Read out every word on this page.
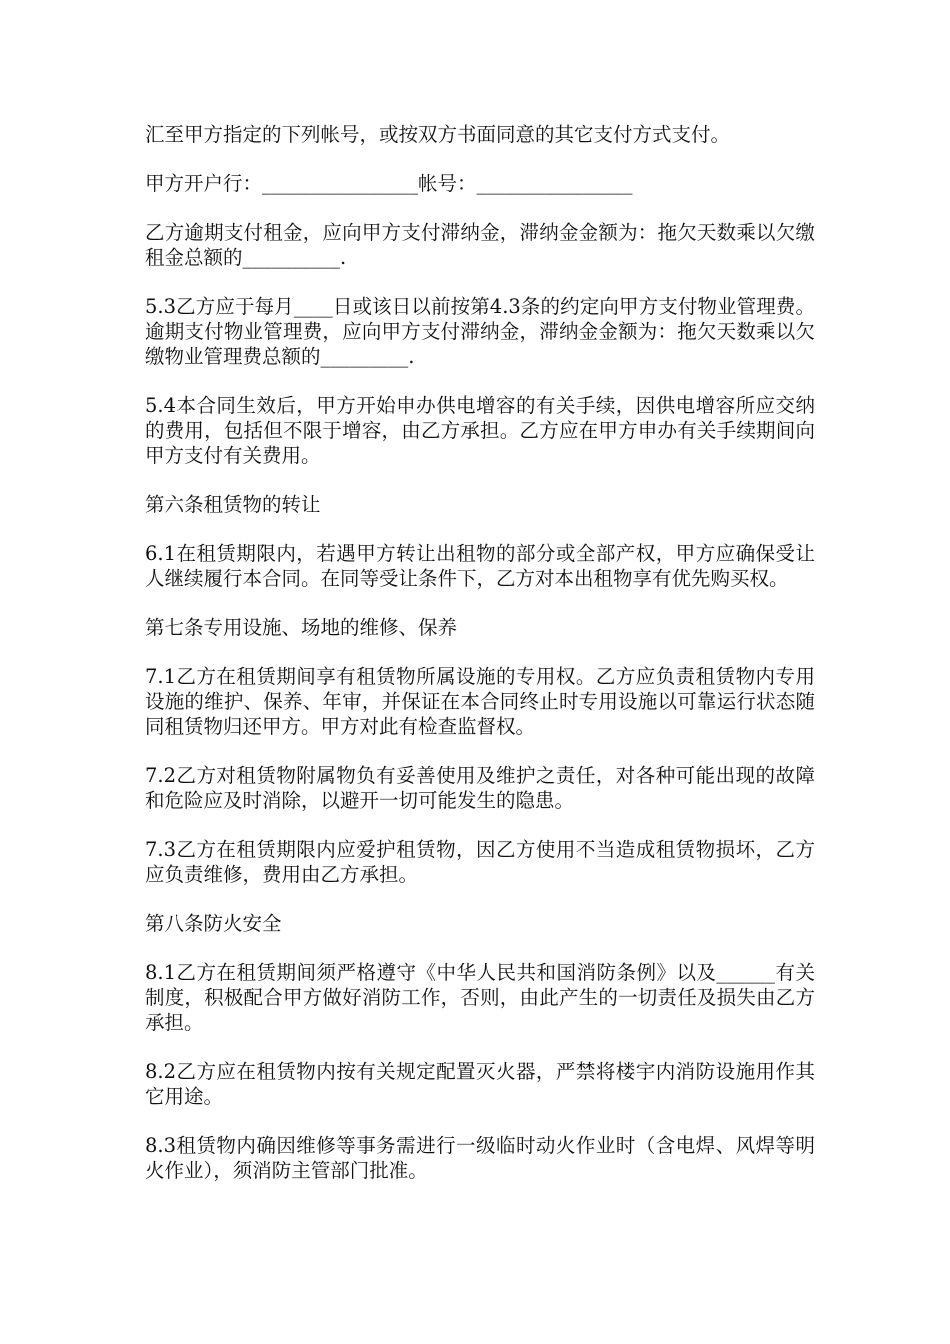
汇至甲方指定的下列帐号，或按双方书面同意的其它支付方式支付。

甲方开户行：________________帐号：________________

乙方逾期支付租金，应向甲方支付滞纳金，滞纳金金额为：拖欠天数乘以欠缴租金总额的__________.

5.3乙方应于每月____日或该日以前按第4.3条的约定向甲方支付物业管理费。逾期支付物业管理费，应向甲方支付滞纳金，滞纳金金额为：拖欠天数乘以欠缴物业管理费总额的_________.

5.4本合同生效后，甲方开始申办供电增容的有关手续，因供电增容所应交纳的费用，包括但不限于增容，由乙方承担。乙方应在甲方申办有关手续期间向甲方支付有关费用。

第六条租赁物的转让

6.1在租赁期限内，若遇甲方转让出租物的部分或全部产权，甲方应确保受让人继续履行本合同。在同等受让条件下，乙方对本出租物享有优先购买权。

第七条专用设施、场地的维修、保养

7.1乙方在租赁期间享有租赁物所属设施的专用权。乙方应负责租赁物内专用设施的维护、保养、年审，并保证在本合同终止时专用设施以可靠运行状态随同租赁物归还甲方。甲方对此有检查监督权。

7.2乙方对租赁物附属物负有妥善使用及维护之责任，对各种可能出现的故障和危险应及时消除，以避开一切可能发生的隐患。

7.3乙方在租赁期限内应爱护租赁物，因乙方使用不当造成租赁物损坏，乙方应负责维修，费用由乙方承担。

第八条防火安全

8.1乙方在租赁期间须严格遵守《中华人民共和国消防条例》以及______有关制度，积极配合甲方做好消防工作，否则，由此产生的一切责任及损失由乙方承担。

8.2乙方应在租赁物内按有关规定配置灭火器，严禁将楼宇内消防设施用作其它用途。

8.3租赁物内确因维修等事务需进行一级临时动火作业时（含电焊、风焊等明火作业），须消防主管部门批准。
